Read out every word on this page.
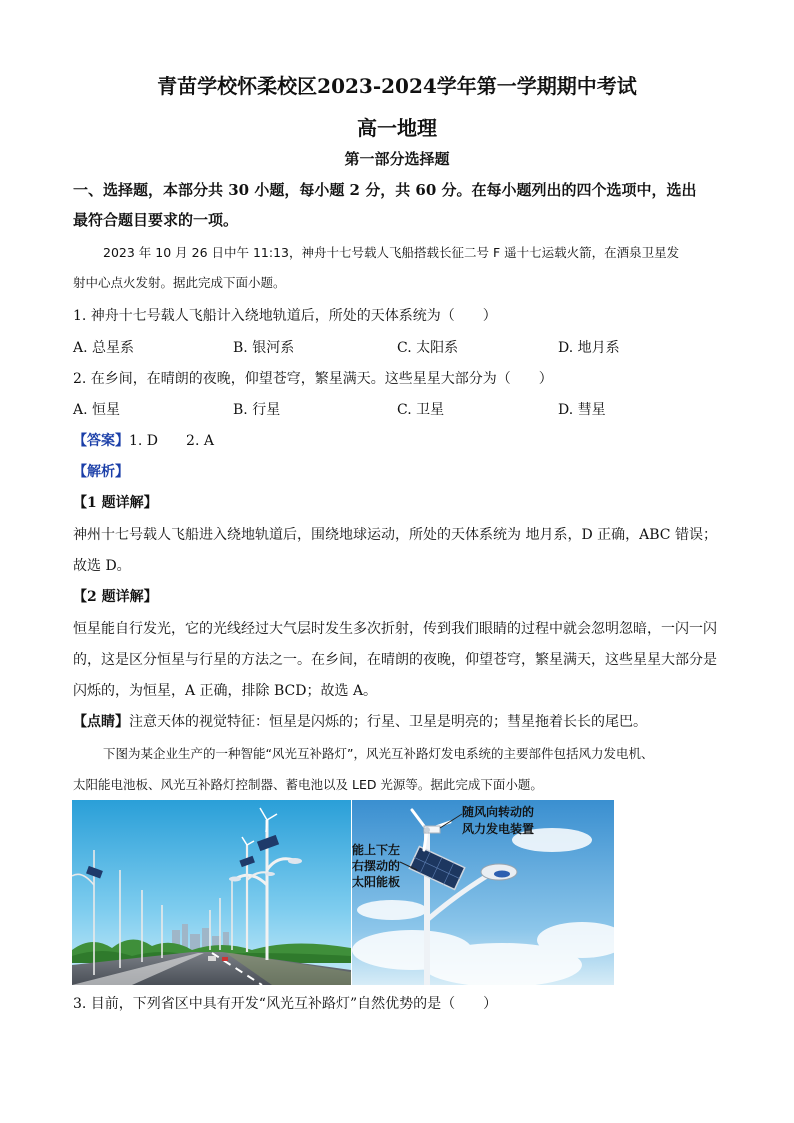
青苗学校怀柔校区2023-2024学年第一学期期中考试
高一地理
第一部分选择题
一、选择题，本部分共 30 小题，每小题 2 分，共 60 分。在每小题列出的四个选项中，选出
最符合题目要求的一项。
2023 年 10 月 26 日中午 11:13，神舟十七号载人飞船搭载长征二号 F 遥十七运载火箭，在酒泉卫星发
射中心点火发射。据此完成下面小题。
1. 神舟十七号载人飞船计入绕地轨道后，所处的天体系统为（　　）
A. 总星系	B. 银河系	C. 太阳系	D. 地月系
2. 在乡间，在晴朗的夜晚，仰望苍穹，繁星满天。这些星星大部分为（　　）
A. 恒星	B. 行星	C. 卫星	D. 彗星
【答案】1. D　　2. A
【解析】
【1 题详解】
神州十七号载人飞船进入绕地轨道后，围绕地球运动，所处的天体系统为 地月系，D 正确，ABC 错误；
故选 D。
【2 题详解】
恒星能自行发光，它的光线经过大气层时发生多次折射，传到我们眼睛的过程中就会忽明忽暗，一闪一闪
的，这是区分恒星与行星的方法之一。在乡间，在晴朗的夜晚，仰望苍穹，繁星满天，这些星星大部分是
闪烁的，为恒星，A 正确，排除 BCD；故选 A。
【点睛】注意天体的视觉特征：恒星是闪烁的；行星、卫星是明亮的；彗星拖着长长的尾巴。
下图为某企业生产的一种智能“风光互补路灯”，风光互补路灯发电系统的主要部件包括风力发电机、
太阳能电池板、风光互补路灯控制器、蓄电池以及 LED 光源等。据此完成下面小题。
随风向转动的
风力发电装置
能上下左
右摆动的
太阳能板
3. 目前，下列省区中具有开发“风光互补路灯”自然优势的是（　　）
